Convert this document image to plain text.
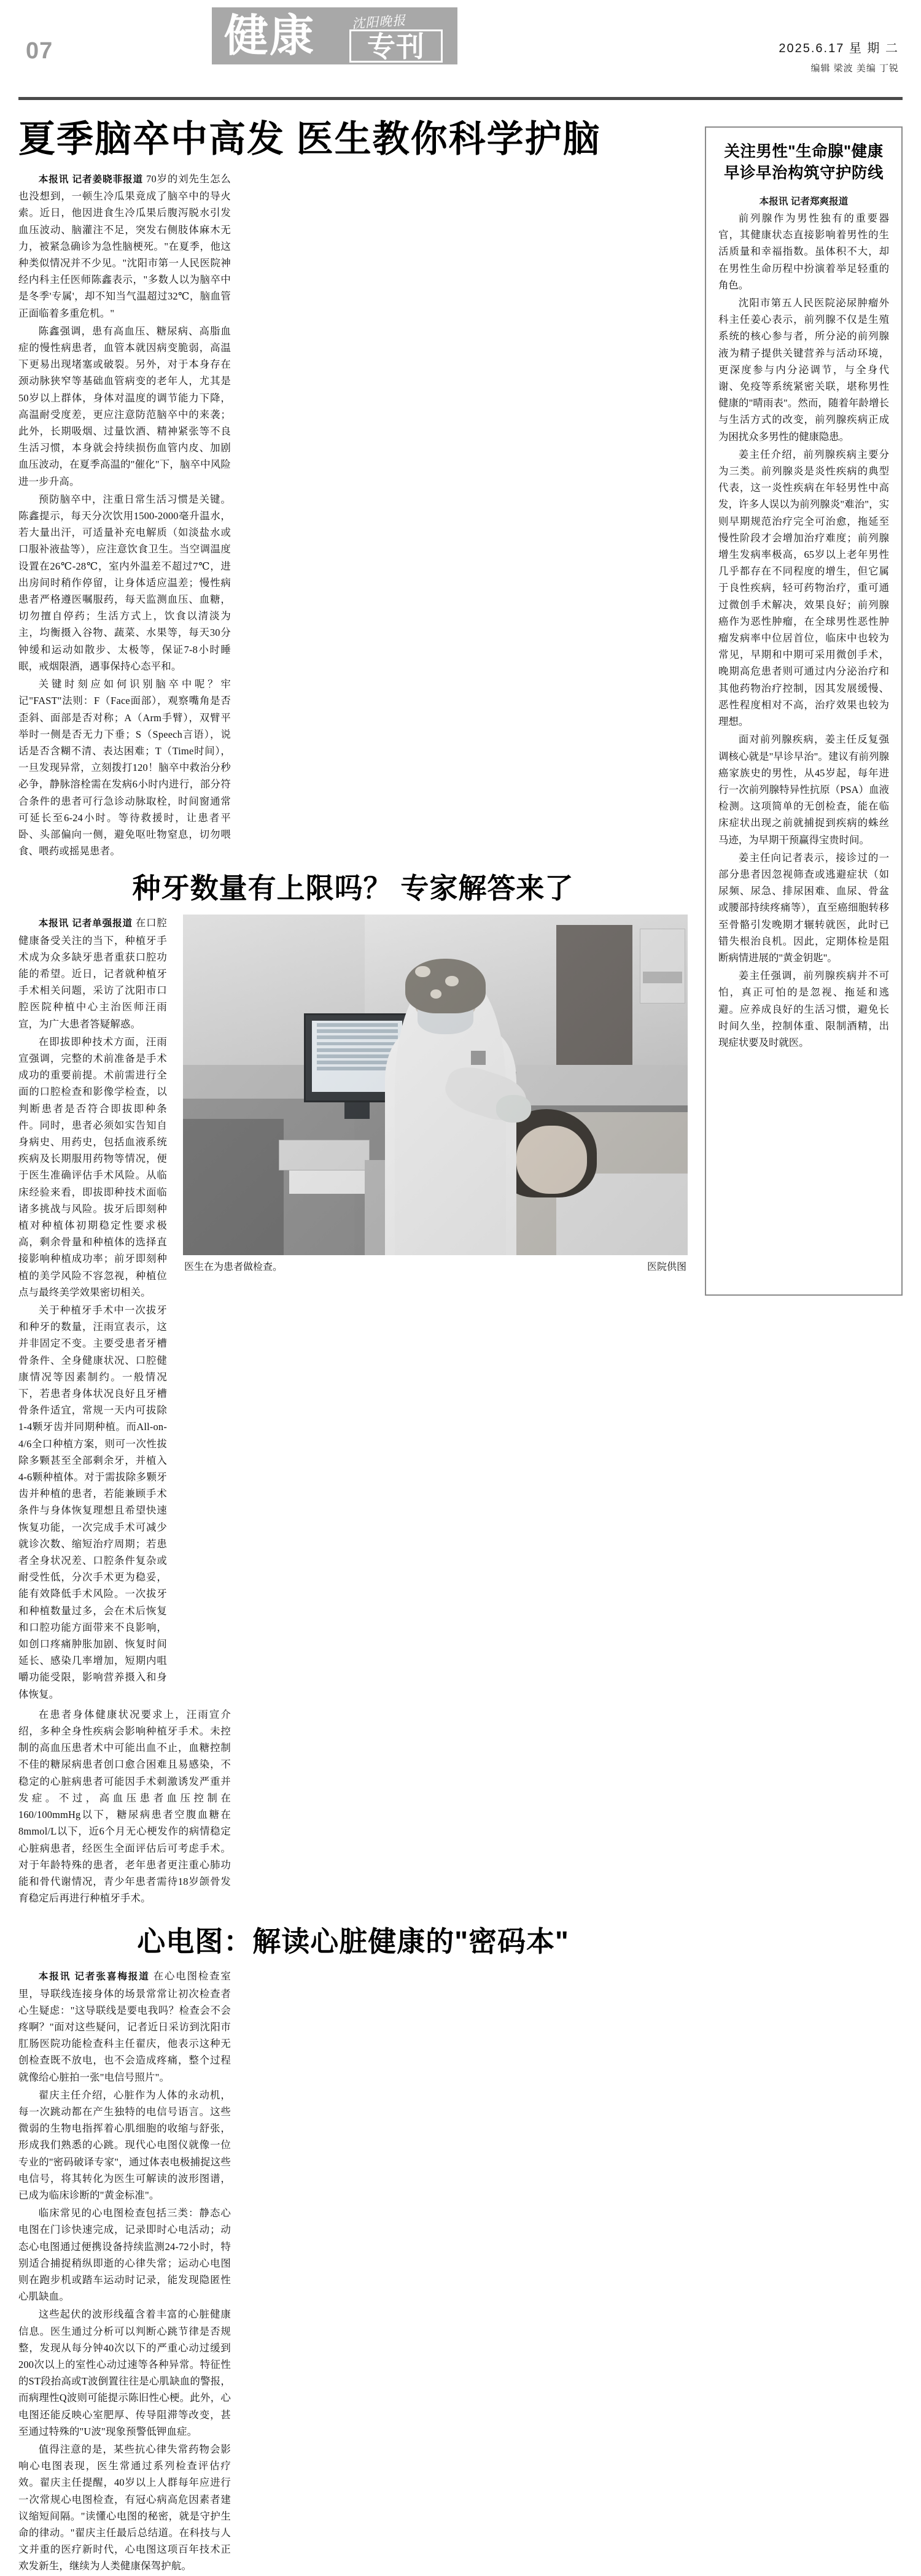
07	健康	沈阳晚报
专刊	2025.6.17 星 期 二
编辑 梁波 美编 丁锐
夏季脑卒中高发 医生教你科学护脑

本报讯 记者姜晓菲报道 70岁的刘先生怎么也没想到，一顿生冷瓜果竟成了脑卒中的导火索。近日，他因进食生冷瓜果后腹泻脱水引发血压波动、脑灌注不足，突发右侧肢体麻木无力，被紧急确诊为急性脑梗死。"在夏季，他这种类似情况并不少见。"沈阳市第一人民医院神经内科主任医师陈鑫表示，"多数人以为脑卒中是冬季'专属'，却不知当气温超过32℃，脑血管正面临着多重危机。"

陈鑫强调，患有高血压、糖尿病、高脂血症的慢性病患者，血管本就因病变脆弱，高温下更易出现堵塞或破裂。另外，对于本身存在颈动脉狭窄等基础血管病变的老年人，尤其是50岁以上群体，身体对温度的调节能力下降，高温耐受度差，更应注意防范脑卒中的来袭；此外，长期吸烟、过量饮酒、精神紧张等不良生活习惯，本身就会持续损伤血管内皮、加剧血压波动，在夏季高温的"催化"下，脑卒中风险进一步升高。

预防脑卒中，注重日常生活习惯是关键。陈鑫提示，每天分次饮用1500-2000毫升温水，若大量出汗，可适量补充电解质（如淡盐水或口服补液盐等），应注意饮食卫生。当空调温度设置在26℃-28℃，室内外温差不超过7℃，进出房间时稍作停留，让身体适应温差；慢性病患者严格遵医嘱服药，每天监测血压、血糖，切勿擅自停药；生活方式上，饮食以清淡为主，均衡摄入谷物、蔬菜、水果等，每天30分钟缓和运动如散步、太极等，保证7-8小时睡眠，戒烟限酒，遇事保持心态平和。

关键时刻应如何识别脑卒中呢？牢记"FAST"法则：F（Face面部），观察嘴角是否歪斜、面部是否对称；A（Arm手臂），双臂平举时一侧是否无力下垂；S（Speech言语），说话是否含糊不清、表达困难；T（Time时间），一旦发现异常，立刻拨打120！脑卒中救治分秒必争，静脉溶栓需在发病6小时内进行，部分符合条件的患者可行急诊动脉取栓，时间窗通常可延长至6-24小时。等待救援时，让患者平卧、头部偏向一侧，避免呕吐物窒息，切勿喂食、喂药或摇晃患者。

种牙数量有上限吗？ 专家解答来了

本报讯 记者单强报道 在口腔健康备受关注的当下，种植牙手术成为众多缺牙患者重获口腔功能的希望。近日，记者就种植牙手术相关问题，采访了沈阳市口腔医院种植中心主治医师汪雨宣，为广大患者答疑解惑。

在即拔即种技术方面，汪雨宣强调，完整的术前准备是手术成功的重要前提。术前需进行全面的口腔检查和影像学检查，以判断患者是否符合即拔即种条件。同时，患者必须如实告知自身病史、用药史，包括血液系统疾病及长期服用药物等情况，便于医生准确评估手术风险。从临床经验来看，即拔即种技术面临诸多挑战与风险。拔牙后即刻种植对种植体初期稳定性要求极高，剩余骨量和种植体的选择直接影响种植成功率；前牙即刻种植的美学风险不容忽视，种植位点与最终美学效果密切相关。

关于种植牙手术中一次拔牙和种牙的数量，汪雨宣表示，这并非固定不变。主要受患者牙槽骨条件、全身健康状况、口腔健康情况等因素制约。一般情况下，若患者身体状况良好且牙槽骨条件适宜，常规一天内可拔除1-4颗牙齿并同期种植。而All-on-4/6全口种植方案，则可一次性拔除多颗甚至全部剩余牙，并植入4-6颗种植体。对于需拔除多颗牙齿并种植的患者，若能兼顾手术条件与身体恢复理想且希望快速恢复功能，一次完成手术可减少就诊次数、缩短治疗周期；若患者全身状况差、口腔条件复杂或耐受性低，分次手术更为稳妥，能有效降低手术风险。一次拔牙和种植数量过多，会在术后恢复和口腔功能方面带来不良影响，如创口疼痛肿胀加剧、恢复时间延长、感染几率增加，短期内咀嚼功能受限，影响营养摄入和身体恢复。

医生在为患者做检查。	医院供图

在患者身体健康状况要求上，汪雨宣介绍，多种全身性疾病会影响种植牙手术。未控制的高血压患者术中可能出血不止，血糖控制不佳的糖尿病患者创口愈合困难且易感染，不稳定的心脏病患者可能因手术刺激诱发严重并发症。不过，高血压患者血压控制在160/100mmHg以下，糖尿病患者空腹血糖在8mmol/L以下，近6个月无心梗发作的病情稳定心脏病患者，经医生全面评估后可考虑手术。对于年龄特殊的患者，老年患者更注重心肺功能和骨代谢情况，青少年患者需待18岁颌骨发育稳定后再进行种植牙手术。

心电图：解读心脏健康的"密码本"

本报讯 记者张喜梅报道 在心电图检查室里，导联线连接身体的场景常常让初次检查者心生疑虑："这导联线是要电我吗？检查会不会疼啊？"面对这些疑问，记者近日采访到沈阳市肛肠医院功能检查科主任翟庆，他表示这种无创检查既不放电，也不会造成疼痛，整个过程就像给心脏拍一张"电信号照片"。

翟庆主任介绍，心脏作为人体的永动机，每一次跳动都在产生独特的电信号语言。这些微弱的生物电指挥着心肌细胞的收缩与舒张，形成我们熟悉的心跳。现代心电图仪就像一位专业的"密码破译专家"，通过体表电极捕捉这些电信号，将其转化为医生可解读的波形图谱，已成为临床诊断的"黄金标准"。

临床常见的心电图检查包括三类：静态心电图在门诊快速完成，记录即时心电活动；动态心电图通过便携设备持续监测24-72小时，特别适合捕捉稍纵即逝的心律失常；运动心电图则在跑步机或踏车运动时记录，能发现隐匿性心肌缺血。

这些起伏的波形线蕴含着丰富的心脏健康信息。医生通过分析可以判断心跳节律是否规整，发现从每分钟40次以下的严重心动过缓到200次以上的室性心动过速等各种异常。特征性的ST段抬高或T波倒置往往是心肌缺血的警报，而病理性Q波则可能提示陈旧性心梗。此外，心电图还能反映心室肥厚、传导阻滞等改变，甚至通过特殊的"U波"现象预警低钾血症。

值得注意的是，某些抗心律失常药物会影响心电图表现，医生常通过系列检查评估疗效。翟庆主任提醒，40岁以上人群每年应进行一次常规心电图检查，有冠心病高危因素者建议缩短间隔。"读懂心电图的秘密，就是守护生命的律动。"翟庆主任最后总结道。在科技与人文并重的医疗新时代，心电图这项百年技术正欢发新生，继续为人类健康保驾护航。

关注男性"生命腺"健康
早诊早治构筑守护防线
本报讯 记者郑爽报道

前列腺作为男性独有的重要器官，其健康状态直接影响着男性的生活质量和幸福指数。虽体积不大，却在男性生命历程中扮演着举足轻重的角色。

沈阳市第五人民医院泌尿肿瘤外科主任姜心表示，前列腺不仅是生殖系统的核心参与者，所分泌的前列腺液为精子提供关键营养与活动环境，更深度参与内分泌调节，与全身代谢、免疫等系统紧密关联，堪称男性健康的"晴雨表"。然而，随着年龄增长与生活方式的改变，前列腺疾病正成为困扰众多男性的健康隐患。

姜主任介绍，前列腺疾病主要分为三类。前列腺炎是炎性疾病的典型代表，这一炎性疾病在年轻男性中高发，许多人误以为前列腺炎"难治"，实则早期规范治疗完全可治愈，拖延至慢性阶段才会增加治疗难度；前列腺增生发病率极高，65岁以上老年男性几乎都存在不同程度的增生，但它属于良性疾病，轻可药物治疗，重可通过微创手术解决，效果良好；前列腺癌作为恶性肿瘤，在全球男性恶性肿瘤发病率中位居首位，临床中也较为常见，早期和中期可采用微创手术，晚期高危患者则可通过内分泌治疗和其他药物治疗控制，因其发展缓慢、恶性程度相对不高，治疗效果也较为理想。

面对前列腺疾病，姜主任反复强调核心就是"早诊早治"。建议有前列腺癌家族史的男性，从45岁起，每年进行一次前列腺特异性抗原（PSA）血液检测。这项简单的无创检查，能在临床症状出现之前就捕捉到疾病的蛛丝马迹，为早期干预赢得宝贵时间。

姜主任向记者表示，接诊过的一部分患者因忽视筛查或逃避症状（如尿频、尿急、排尿困难、血尿、骨盆或腰部持续疼痛等），直至癌细胞转移至骨骼引发晚期才辗转就医，此时已错失根治良机。因此，定期体检是阻断病情进展的"黄金钥匙"。

姜主任强调，前列腺疾病并不可怕，真正可怕的是忽视、拖延和逃避。应养成良好的生活习惯，避免长时间久坐，控制体重、限制酒精，出现症状要及时就医。
